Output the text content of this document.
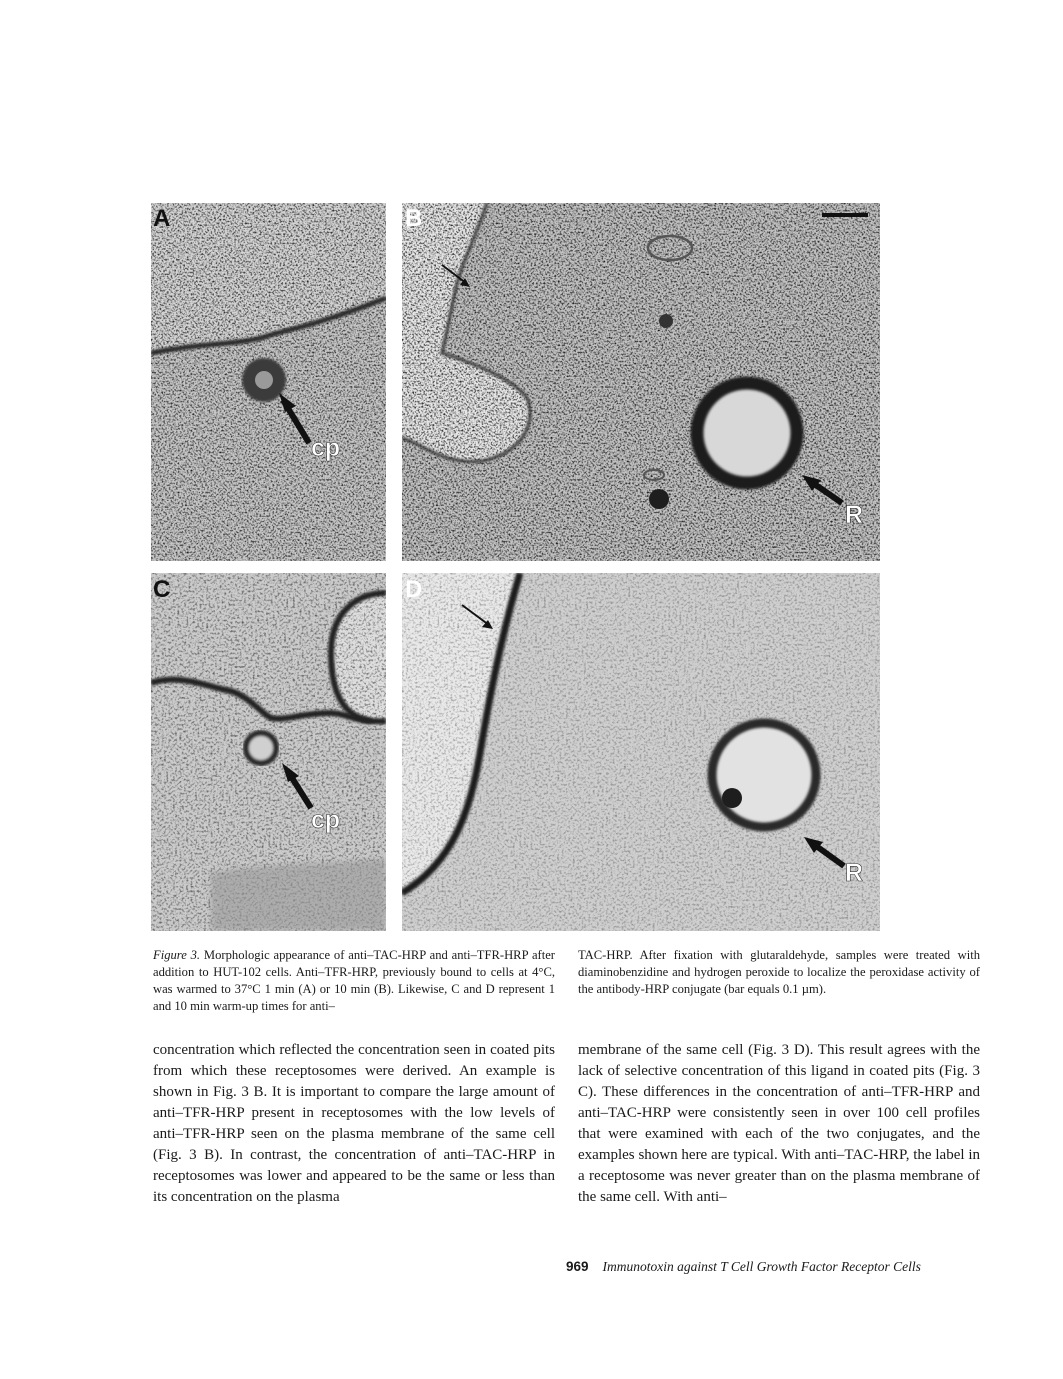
A
cp
B
R
C
cp
D
R
Figure 3. Morphologic appearance of anti–TAC-HRP and anti–TFR-HRP after addition to HUT-102 cells. Anti–TFR-HRP, previously bound to cells at 4°C, was warmed to 37°C 1 min (A) or 10 min (B). Likewise, C and D represent 1 and 10 min warm-up times for anti–
TAC-HRP. After fixation with glutaraldehyde, samples were treated with diaminobenzidine and hydrogen peroxide to localize the peroxidase activity of the antibody-HRP conjugate (bar equals 0.1 µm).
concentration which reflected the concentration seen in coated pits from which these receptosomes were derived. An example is shown in Fig. 3 B. It is important to compare the large amount of anti–TFR-HRP present in receptosomes with the low levels of anti–TFR-HRP seen on the plasma membrane of the same cell (Fig. 3 B). In contrast, the concentration of anti–TAC-HRP in receptosomes was lower and appeared to be the same or less than its concentration on the plasma
membrane of the same cell (Fig. 3 D). This result agrees with the lack of selective concentration of this ligand in coated pits (Fig. 3 C). These differences in the concentration of anti–TFR-HRP and anti–TAC-HRP were consistently seen in over 100 cell profiles that were examined with each of the two conjugates, and the examples shown here are typical. With anti–TAC-HRP, the label in a receptosome was never greater than on the plasma membrane of the same cell. With anti–
969 Immunotoxin against T Cell Growth Factor Receptor Cells
